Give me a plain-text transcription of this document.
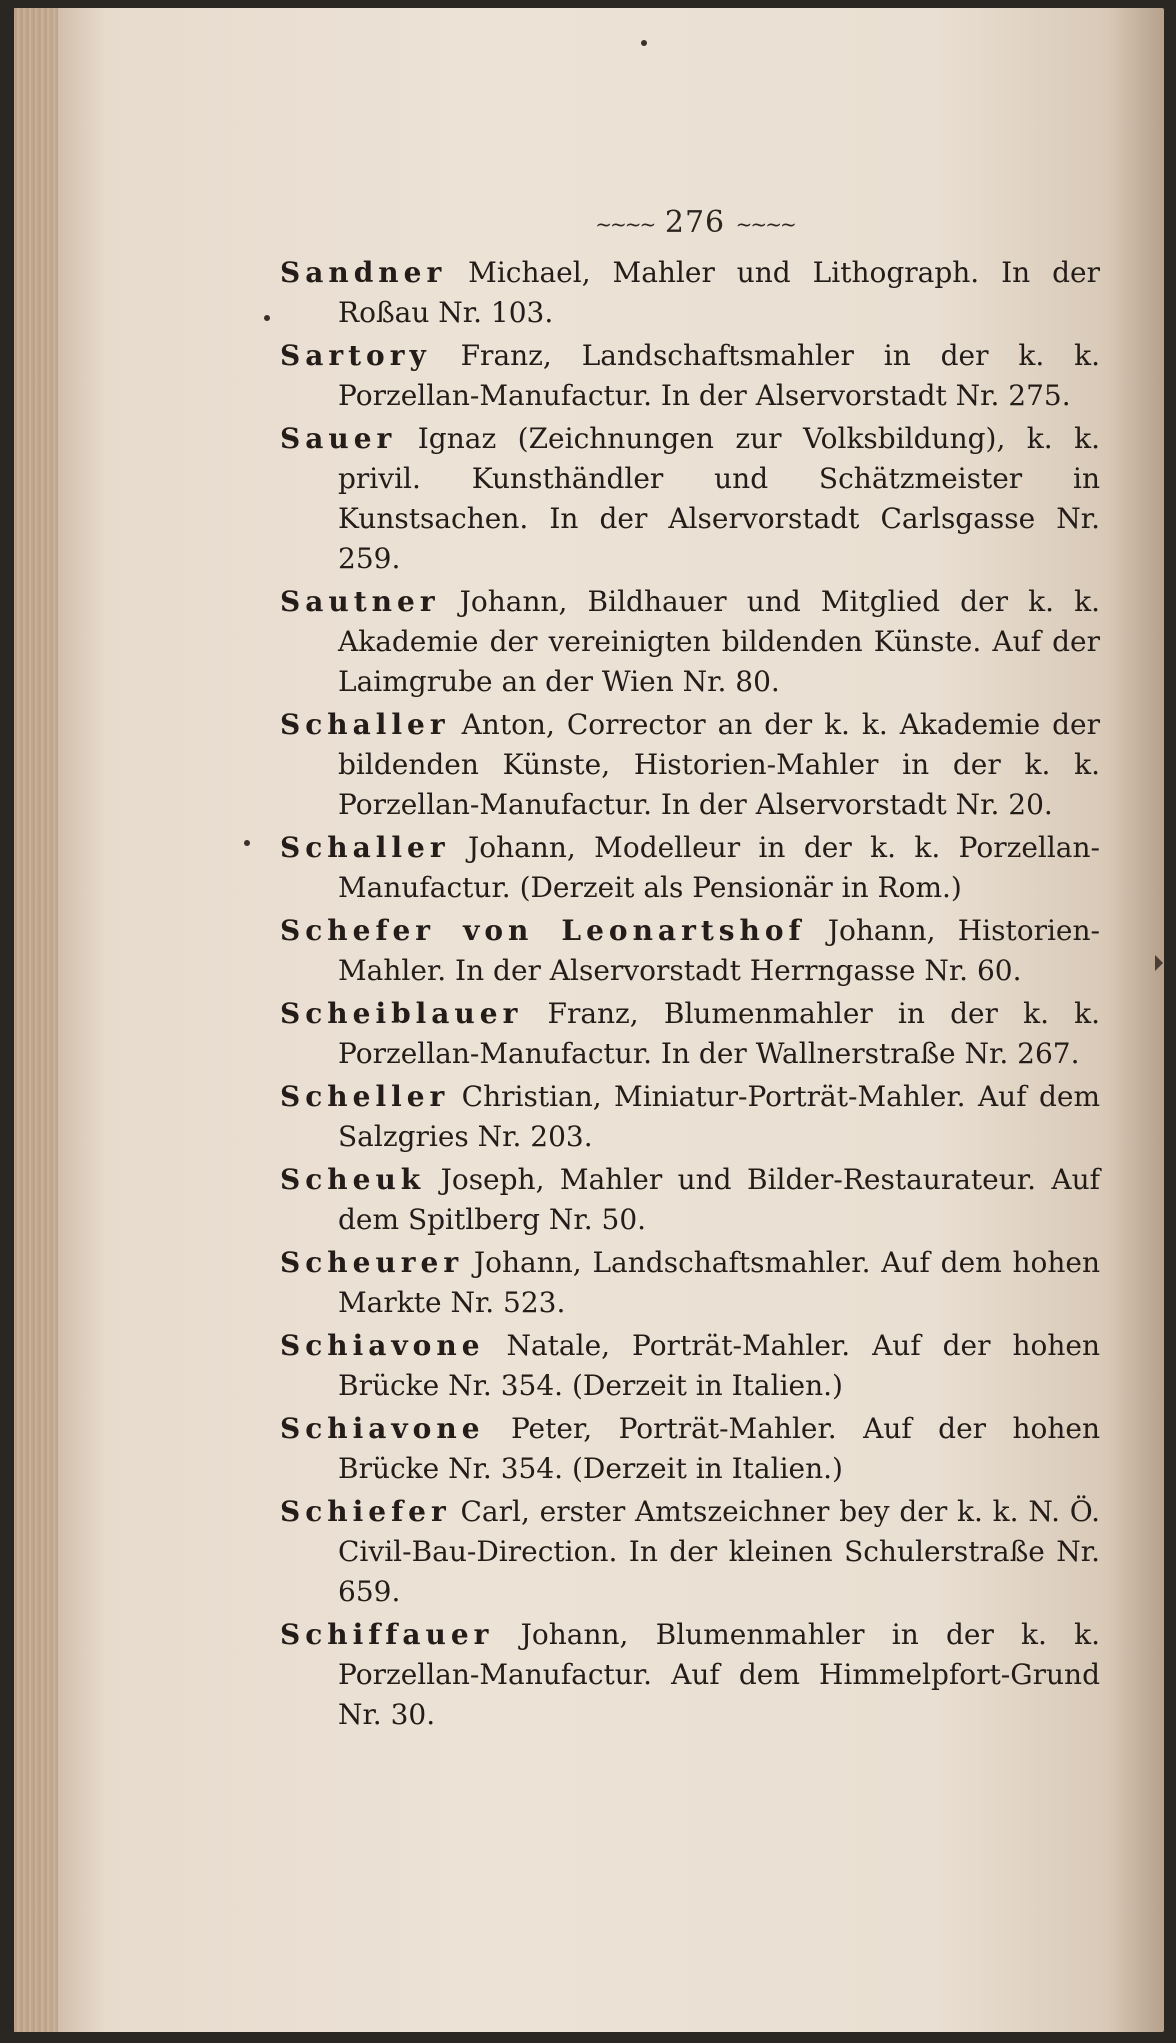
~~~~ 276 ~~~~

Sandner Michael, Mahler und Lithograph. In der Roßau Nr. 103.

Sartory Franz, Landschaftsmahler in der k. k. Porzellan-Manufactur. In der Alservorstadt Nr. 275.

Sauer Ignaz (Zeichnungen zur Volksbildung), k. k. privil. Kunsthändler und Schätzmeister in Kunstsachen. In der Alservorstadt Carlsgasse Nr. 259.

Sautner Johann, Bildhauer und Mitglied der k. k. Akademie der vereinigten bildenden Künste. Auf der Laimgrube an der Wien Nr. 80.

Schaller Anton, Corrector an der k. k. Akademie der bildenden Künste, Historien-Mahler in der k. k. Porzellan-Manufactur. In der Alservorstadt Nr. 20.

Schaller Johann, Modelleur in der k. k. Porzellan-Manufactur. (Derzeit als Pensionär in Rom.)

Schefer von Leonartshof Johann, Historien-Mahler. In der Alservorstadt Herrngasse Nr. 60.

Scheiblauer Franz, Blumenmahler in der k. k. Porzellan-Manufactur. In der Wallnerstraße Nr. 267.

Scheller Christian, Miniatur-Porträt-Mahler. Auf dem Salzgries Nr. 203.

Scheuk Joseph, Mahler und Bilder-Restaurateur. Auf dem Spitlberg Nr. 50.

Scheurer Johann, Landschaftsmahler. Auf dem hohen Markte Nr. 523.

Schiavone Natale, Porträt-Mahler. Auf der hohen Brücke Nr. 354. (Derzeit in Italien.)

Schiavone Peter, Porträt-Mahler. Auf der hohen Brücke Nr. 354. (Derzeit in Italien.)

Schiefer Carl, erster Amtszeichner bey der k. k. N. Ö. Civil-Bau-Direction. In der kleinen Schulerstraße Nr. 659.

Schiffauer Johann, Blumenmahler in der k. k. Porzellan-Manufactur. Auf dem Himmelpfort-Grund Nr. 30.
